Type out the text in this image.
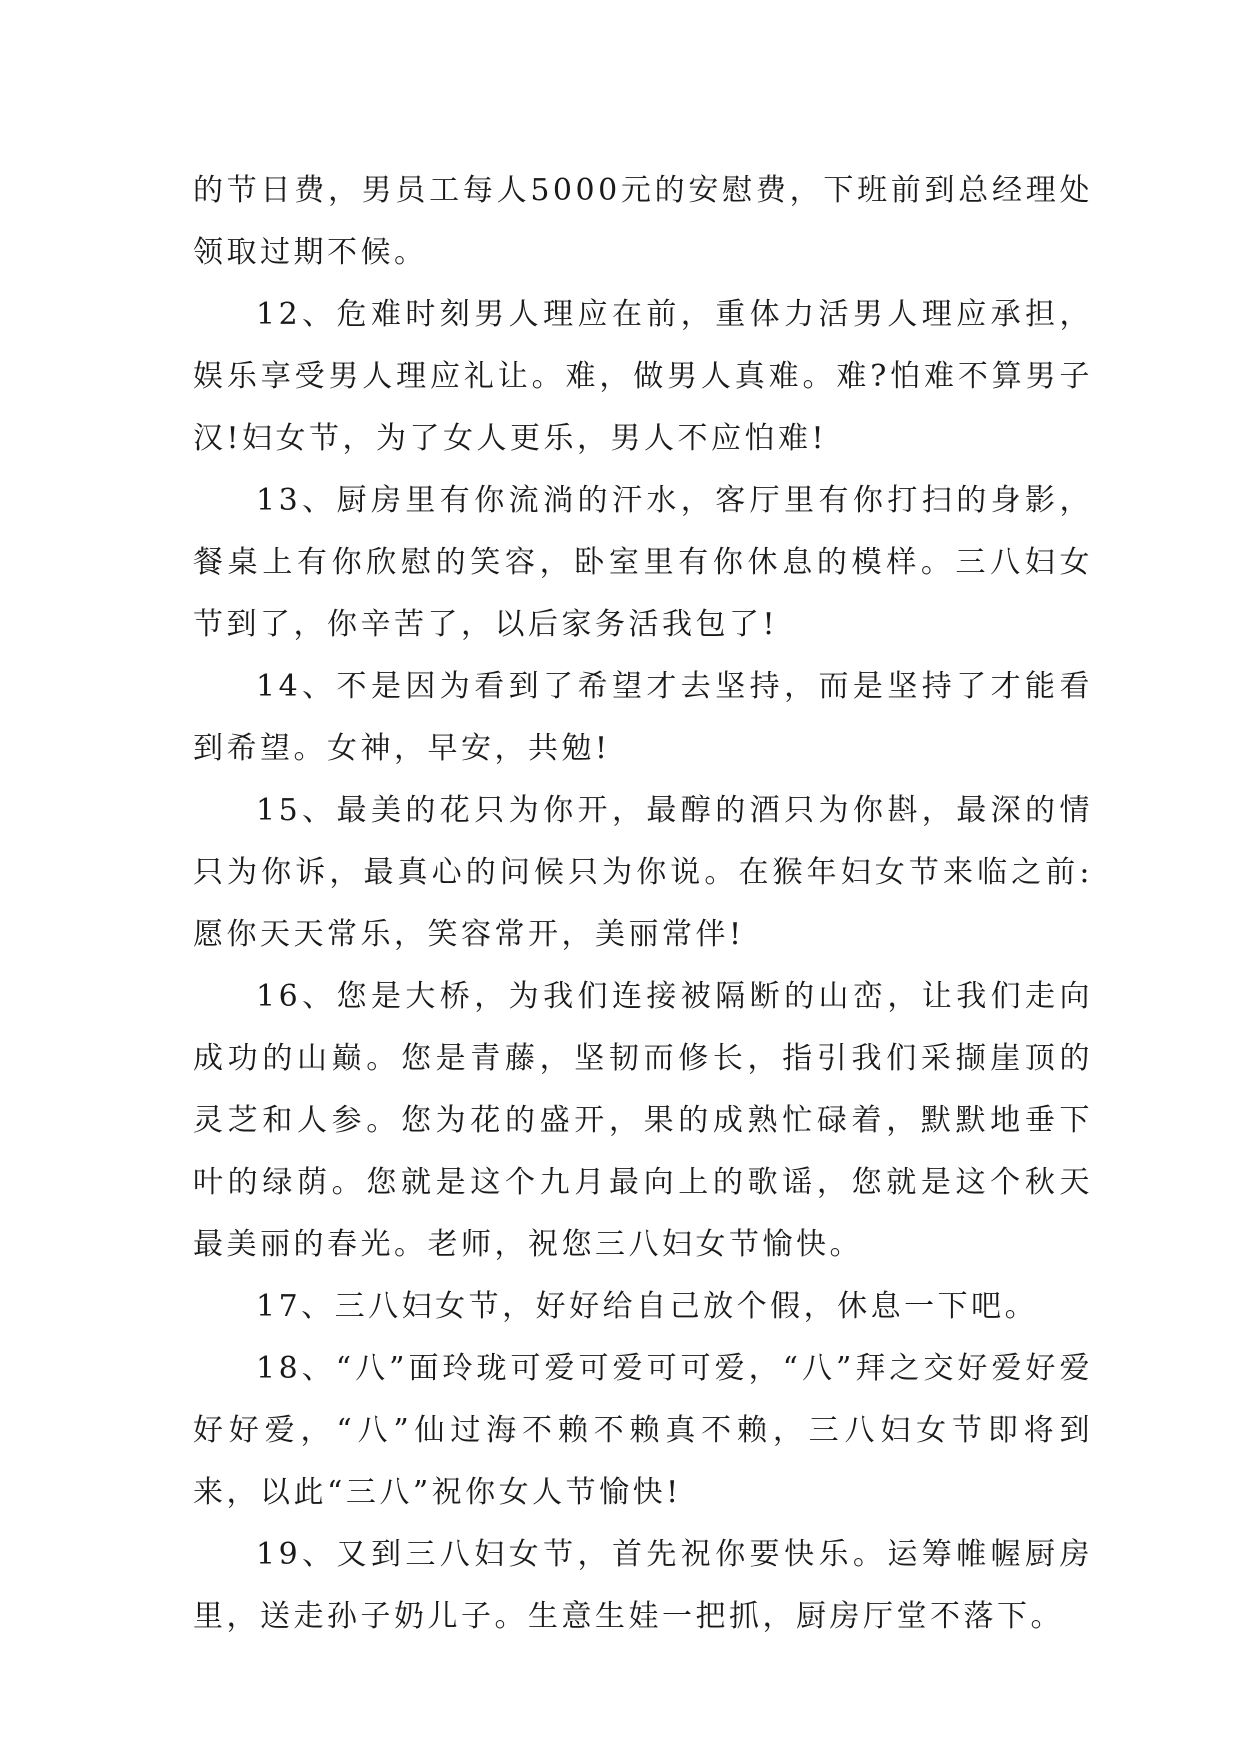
的节日费，男员工每人5000元的安慰费，下班前到总经理处领取过期不候。

12、危难时刻男人理应在前，重体力活男人理应承担，娱乐享受男人理应礼让。难，做男人真难。难?怕难不算男子汉!妇女节，为了女人更乐，男人不应怕难!

13、厨房里有你流淌的汗水，客厅里有你打扫的身影，餐桌上有你欣慰的笑容，卧室里有你休息的模样。三八妇女节到了，你辛苦了，以后家务活我包了!

14、不是因为看到了希望才去坚持，而是坚持了才能看到希望。女神，早安，共勉!

15、最美的花只为你开，最醇的酒只为你斟，最深的情只为你诉，最真心的问候只为你说。在猴年妇女节来临之前:愿你天天常乐，笑容常开，美丽常伴!

16、您是大桥，为我们连接被隔断的山峦，让我们走向成功的山巅。您是青藤，坚韧而修长，指引我们采撷崖顶的灵芝和人参。您为花的盛开，果的成熟忙碌着，默默地垂下叶的绿荫。您就是这个九月最向上的歌谣，您就是这个秋天最美丽的春光。老师，祝您三八妇女节愉快。

17、三八妇女节，好好给自己放个假，休息一下吧。

18、“八”面玲珑可爱可爱可可爱，“八”拜之交好爱好爱好好爱，“八”仙过海不赖不赖真不赖，三八妇女节即将到来，以此“三八”祝你女人节愉快!

19、又到三八妇女节，首先祝你要快乐。运筹帷幄厨房里，送走孙子奶儿子。生意生娃一把抓，厨房厅堂不落下。
